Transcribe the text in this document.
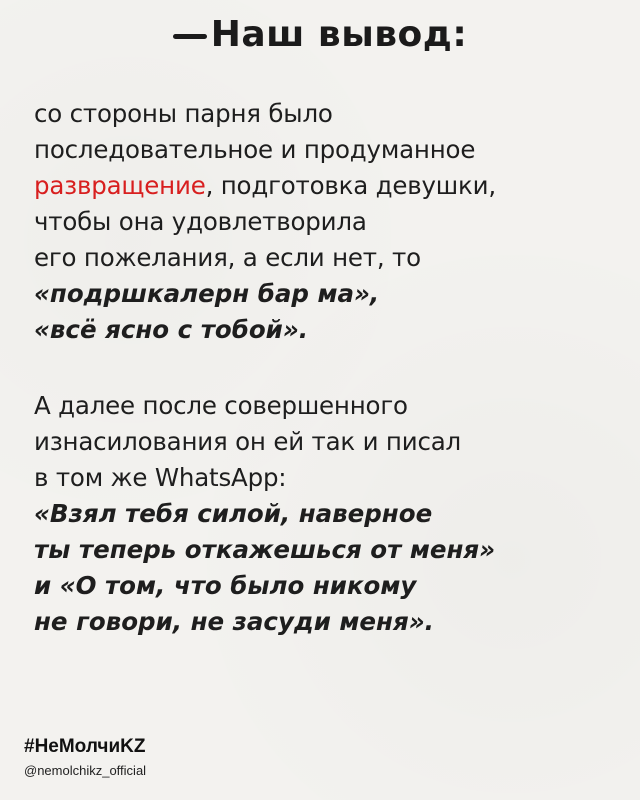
Наш вывод:
со стороны парня было
последовательное и продуманное
развращение, подготовка девушки,
чтобы она удовлетворила
его пожелания, а если нет, то
«подршкалерн бар ма»,
«всё ясно с тобой».
А далее после совершенного
изнасилования он ей так и писал
в том же WhatsApp:
«Взял тебя силой, наверное
ты теперь откажешься от меня»
и «О том, что было никому
не говори, не засуди меня».
#НеМолчиKZ
@nemolchikz_official
